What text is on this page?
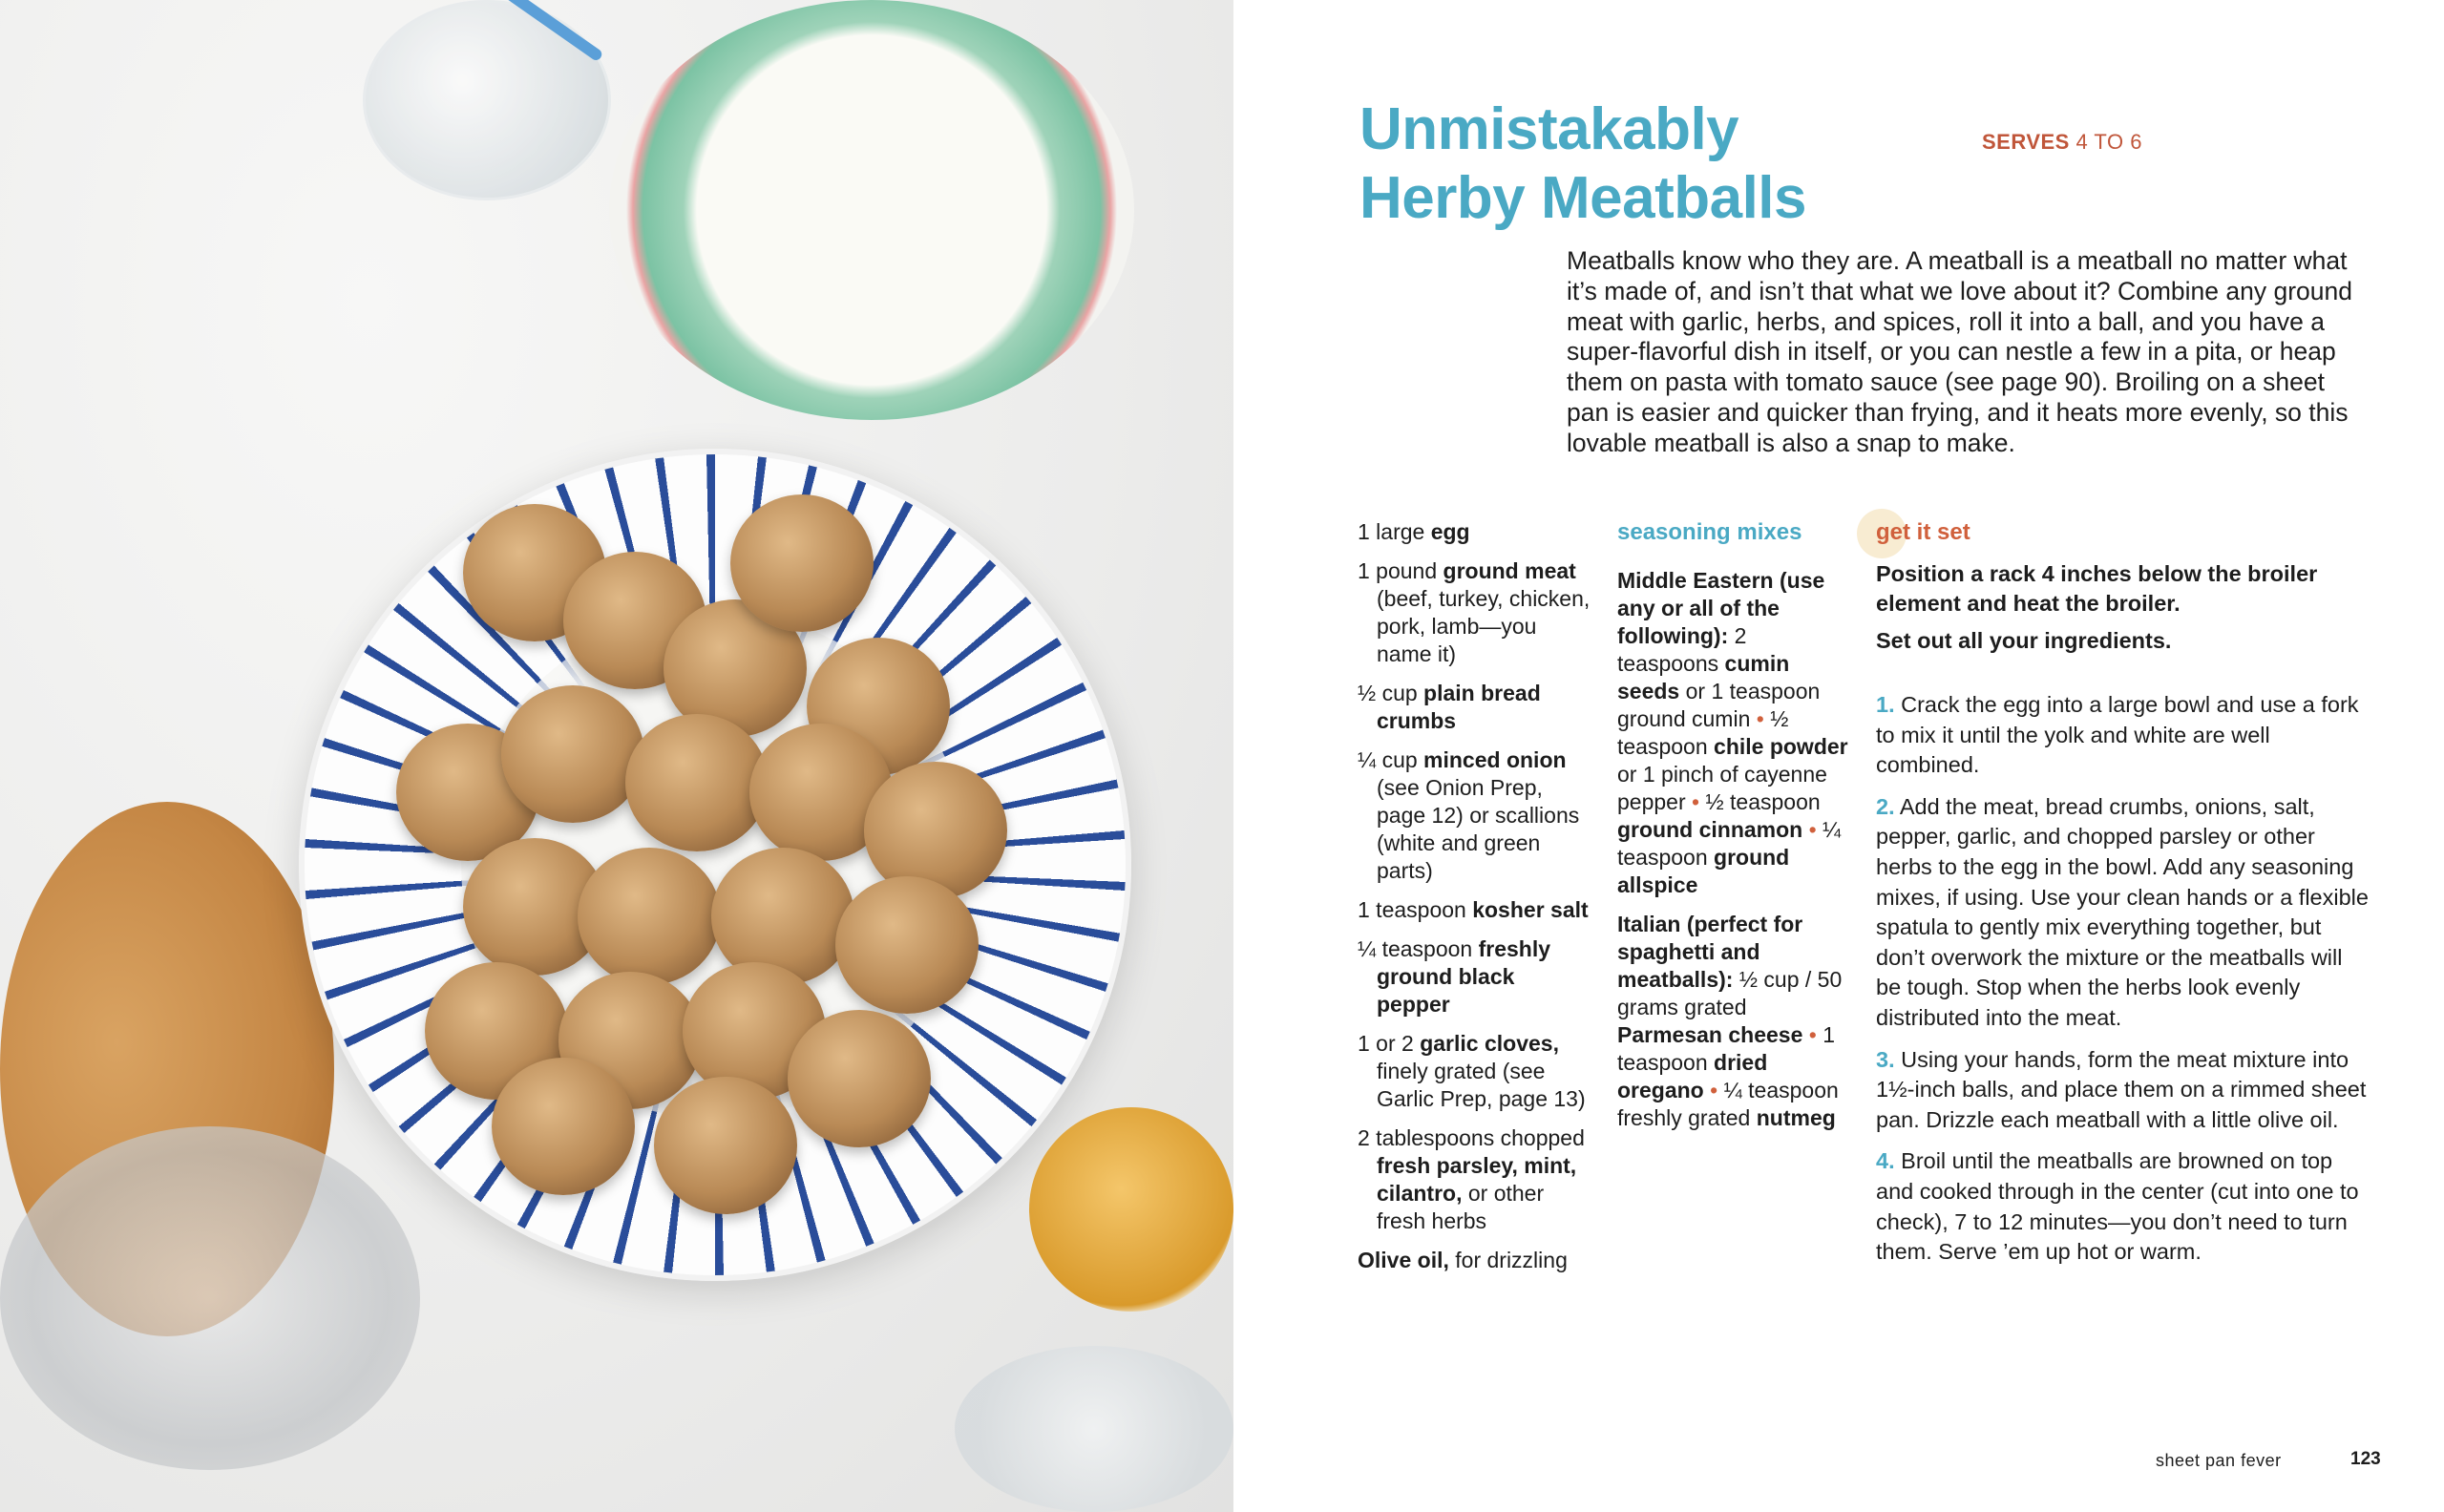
Unmistakably
Herby Meatballs
SERVES 4 TO 6

Meatballs know who they are. A meatball is a meatball no matter what it’s made of, and isn’t that what we love about it? Combine any ground meat with garlic, herbs, and spices, roll it into a ball, and you have a super-flavorful dish in itself, or you can nestle a few in a pita, or heap them on pasta with tomato sauce (see page 90). Broiling on a sheet pan is easier and quicker than frying, and it heats more evenly, so this lovable meatball is also a snap to make.

1 large egg
1 pound ground meat (beef, turkey, chicken, pork, lamb—you name it)
½ cup plain bread crumbs
¼ cup minced onion (see Onion Prep, page 12) or scallions (white and green parts)
1 teaspoon kosher salt
¼ teaspoon freshly ground black pepper
1 or 2 garlic cloves, finely grated (see Garlic Prep, page 13)
2 tablespoons chopped fresh parsley, mint, cilantro, or other fresh herbs
Olive oil, for drizzling
seasoning mixes
Middle Eastern (use any or all of the following): 2 teaspoons cumin seeds or 1 teaspoon ground cumin • ½ teaspoon chile powder or 1 pinch of cayenne pepper • ½ teaspoon ground cinnamon • ¼ teaspoon ground allspice
Italian (perfect for spaghetti and meatballs): ½ cup / 50 grams grated Parmesan cheese • 1 teaspoon dried oregano • ¼ teaspoon freshly grated nutmeg
get it set
Position a rack 4 inches below the broiler element and heat the broiler.
Set out all your ingredients.

1. Crack the egg into a large bowl and use a fork to mix it until the yolk and white are well combined.

2. Add the meat, bread crumbs, onions, salt, pepper, garlic, and chopped parsley or other herbs to the egg in the bowl. Add any seasoning mixes, if using. Use your clean hands or a flexible spatula to gently mix everything together, but don’t overwork the mixture or the meatballs will be tough. Stop when the herbs look evenly distributed into the meat.

3. Using your hands, form the meat mixture into 1½-inch balls, and place them on a rimmed sheet pan. Drizzle each meatball with a little olive oil.

4. Broil until the meatballs are browned on top and cooked through in the center (cut into one to check), 7 to 12 minutes—you don’t need to turn them. Serve ’em up hot or warm.

sheet pan fever	123
